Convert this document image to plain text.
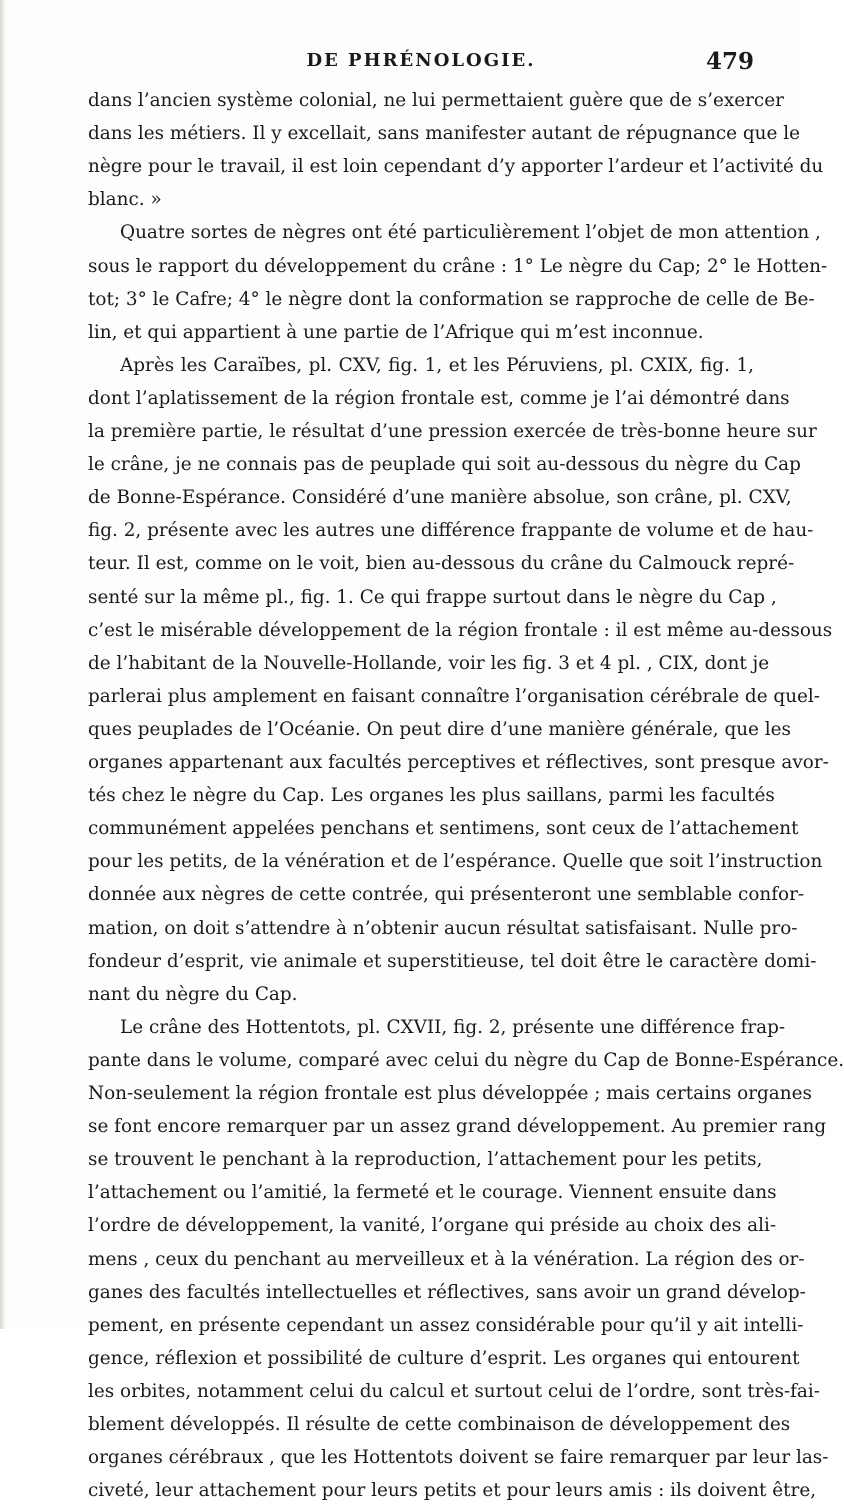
DE PHRÉNOLOGIE.	479
dans l’ancien système colonial, ne lui permettaient guère que de s’exercer
dans les métiers. Il y excellait, sans manifester autant de répugnance que le
nègre pour le travail, il est loin cependant d’y apporter l’ardeur et l’activité du
blanc. »
Quatre sortes de nègres ont été particulièrement l’objet de mon attention ,
sous le rapport du développement du crâne : 1° Le nègre du Cap; 2° le Hotten-
tot; 3° le Cafre; 4° le nègre dont la conformation se rapproche de celle de Be-
lin, et qui appartient à une partie de l’Afrique qui m’est inconnue.
Après les Caraïbes, pl. CXV, fig. 1, et les Péruviens, pl. CXIX, fig. 1,
dont l’aplatissement de la région frontale est, comme je l’ai démontré dans
la première partie, le résultat d’une pression exercée de très-bonne heure sur
le crâne, je ne connais pas de peuplade qui soit au-dessous du nègre du Cap
de Bonne-Espérance. Considéré d’une manière absolue, son crâne, pl. CXV,
fig. 2, présente avec les autres une différence frappante de volume et de hau-
teur. Il est, comme on le voit, bien au-dessous du crâne du Calmouck repré-
senté sur la même pl., fig. 1. Ce qui frappe surtout dans le nègre du Cap ,
c’est le misérable développement de la région frontale : il est même au-dessous
de l’habitant de la Nouvelle-Hollande, voir les fig. 3 et 4 pl. , CIX, dont je
parlerai plus amplement en faisant connaître l’organisation cérébrale de quel-
ques peuplades de l’Océanie. On peut dire d’une manière générale, que les
organes appartenant aux facultés perceptives et réflectives, sont presque avor-
tés chez le nègre du Cap. Les organes les plus saillans, parmi les facultés
communément appelées penchans et sentimens, sont ceux de l’attachement
pour les petits, de la vénération et de l’espérance. Quelle que soit l’instruction
donnée aux nègres de cette contrée, qui présenteront une semblable confor-
mation, on doit s’attendre à n’obtenir aucun résultat satisfaisant. Nulle pro-
fondeur d’esprit, vie animale et superstitieuse, tel doit être le caractère domi-
nant du nègre du Cap.
Le crâne des Hottentots, pl. CXVII, fig. 2, présente une différence frap-
pante dans le volume, comparé avec celui du nègre du Cap de Bonne-Espérance.
Non-seulement la région frontale est plus développée ; mais certains organes
se font encore remarquer par un assez grand développement. Au premier rang
se trouvent le penchant à la reproduction, l’attachement pour les petits,
l’attachement ou l’amitié, la fermeté et le courage. Viennent ensuite dans
l’ordre de développement, la vanité, l’organe qui préside au choix des ali-
mens , ceux du penchant au merveilleux et à la vénération. La région des or-
ganes des facultés intellectuelles et réflectives, sans avoir un grand dévelop-
pement, en présente cependant un assez considérable pour qu’il y ait intelli-
gence, réflexion et possibilité de culture d’esprit. Les organes qui entourent
les orbites, notamment celui du calcul et surtout celui de l’ordre, sont très-fai-
blement développés. Il résulte de cette combinaison de développement des
organes cérébraux , que les Hottentots doivent se faire remarquer par leur las-
civeté, leur attachement pour leurs petits et pour leurs amis : ils doivent être,
